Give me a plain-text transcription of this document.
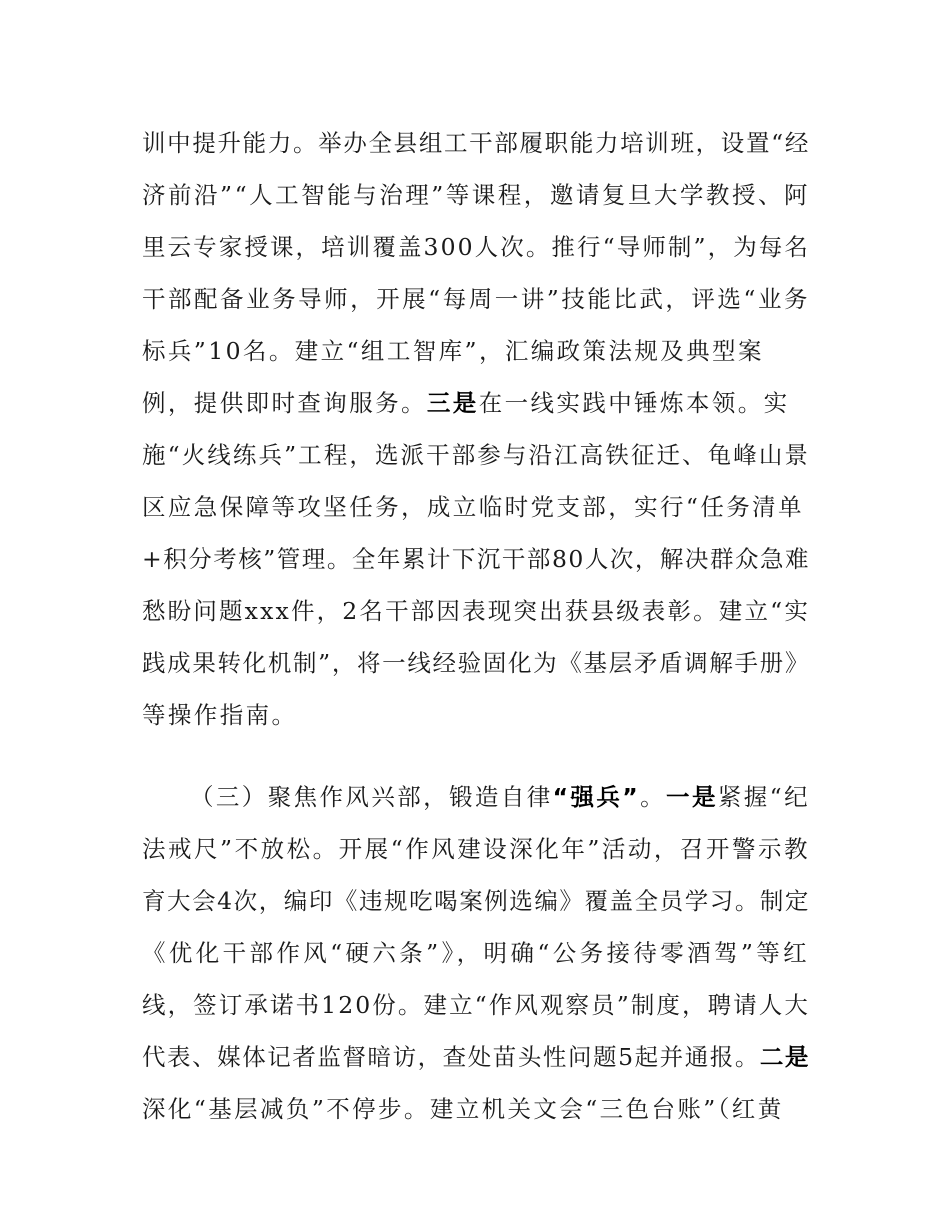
训中提升能力。举办全县组工干部履职能力培训班，设置“经
济前沿”“人工智能与治理”等课程，邀请复旦大学教授、阿
里云专家授课，培训覆盖300人次。推行“导师制”，为每名
干部配备业务导师，开展“每周一讲”技能比武，评选“业务
标兵”10名。建立“组工智库”，汇编政策法规及典型案
例，提供即时查询服务。三是在一线实践中锤炼本领。实
施“火线练兵”工程，选派干部参与沿江高铁征迁、龟峰山景
区应急保障等攻坚任务，成立临时党支部，实行“任务清单
+积分考核”管理。全年累计下沉干部80人次，解决群众急难
愁盼问题xxx件，2名干部因表现突出获县级表彰。建立“实
践成果转化机制”，将一线经验固化为《基层矛盾调解手册》
等操作指南。
（三）聚焦作风兴部，锻造自律“强兵”。一是紧握“纪
法戒尺”不放松。开展“作风建设深化年”活动，召开警示教
育大会4次，编印《违规吃喝案例选编》覆盖全员学习。制定
《优化干部作风“硬六条”》，明确“公务接待零酒驾”等红
线，签订承诺书120份。建立“作风观察员”制度，聘请人大
代表、媒体记者监督暗访，查处苗头性问题5起并通报。二是
深化“基层减负”不停步。建立机关文会“三色台账”（红黄
